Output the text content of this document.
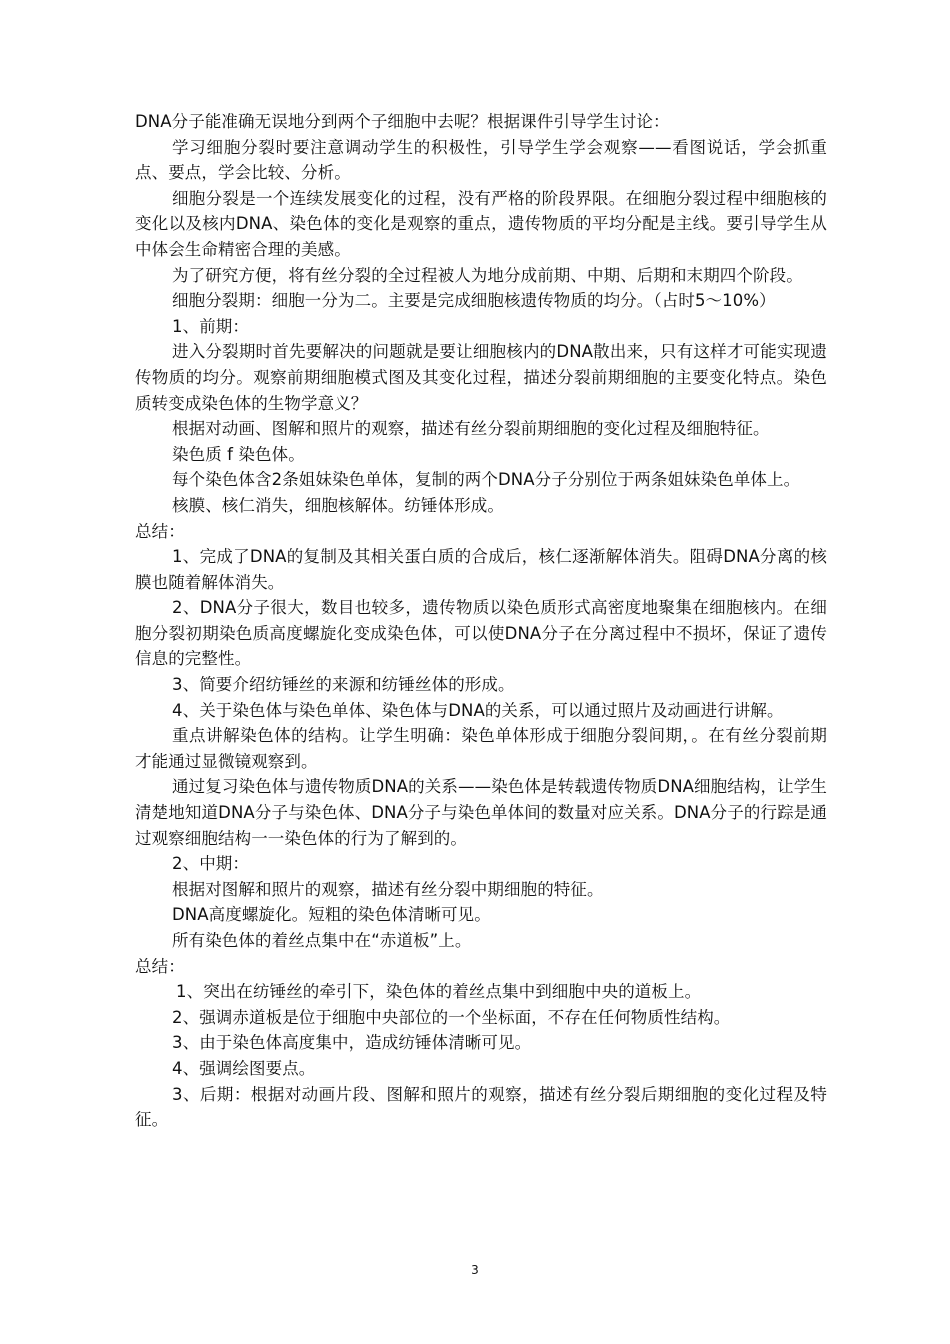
DNA分子能准确无误地分到两个子细胞中去呢？根据课件引导学生讨论：

学习细胞分裂时要注意调动学生的积极性，引导学生学会观察——看图说话，学会抓重点、要点，学会比较、分析。

细胞分裂是一个连续发展变化的过程，没有严格的阶段界限。在细胞分裂过程中细胞核的变化以及核内DNA、染色体的变化是观察的重点，遗传物质的平均分配是主线。要引导学生从中体会生命精密合理的美感。

为了研究方便，将有丝分裂的全过程被人为地分成前期、中期、后期和末期四个阶段。

细胞分裂期：细胞一分为二。主要是完成细胞核遗传物质的均分。（占时5～10%）

1、前期：

进入分裂期时首先要解决的问题就是要让细胞核内的DNA散出来，只有这样才可能实现遗传物质的均分。观察前期细胞模式图及其变化过程，描述分裂前期细胞的主要变化特点。染色质转变成染色体的生物学意义？

根据对动画、图解和照片的观察，描述有丝分裂前期细胞的变化过程及细胞特征。

染色质 f 染色体。

每个染色体含2条姐妹染色单体，复制的两个DNA分子分别位于两条姐妹染色单体上。

核膜、核仁消失，细胞核解体。纺锤体形成。

总结：

1、完成了DNA的复制及其相关蛋白质的合成后，核仁逐渐解体消失。阻碍DNA分离的核膜也随着解体消失。

2、DNA分子很大，数目也较多，遗传物质以染色质形式高密度地聚集在细胞核内。在细胞分裂初期染色质高度螺旋化变成染色体，可以使DNA分子在分离过程中不损坏，保证了遗传信息的完整性。

3、简要介绍纺锤丝的来源和纺锤丝体的形成。

4、关于染色体与染色单体、染色体与DNA的关系，可以通过照片及动画进行讲解。

重点讲解染色体的结构。让学生明确：染色单体形成于细胞分裂间期，。在有丝分裂前期才能通过显微镜观察到。

通过复习染色体与遗传物质DNA的关系——染色体是转载遗传物质DNA细胞结构，让学生清楚地知道DNA分子与染色体、DNA分子与染色单体间的数量对应关系。DNA分子的行踪是通过观察细胞结构一一染色体的行为了解到的。

2、中期：

根据对图解和照片的观察，描述有丝分裂中期细胞的特征。

DNA高度螺旋化。短粗的染色体清晰可见。

所有染色体的着丝点集中在“赤道板”上。

总结：

1、突出在纺锤丝的牵引下，染色体的着丝点集中到细胞中央的道板上。

2、强调赤道板是位于细胞中央部位的一个坐标面，不存在任何物质性结构。

3、由于染色体高度集中，造成纺锤体清晰可见。

4、强调绘图要点。

3、后期：根据对动画片段、图解和照片的观察，描述有丝分裂后期细胞的变化过程及特征。

3
